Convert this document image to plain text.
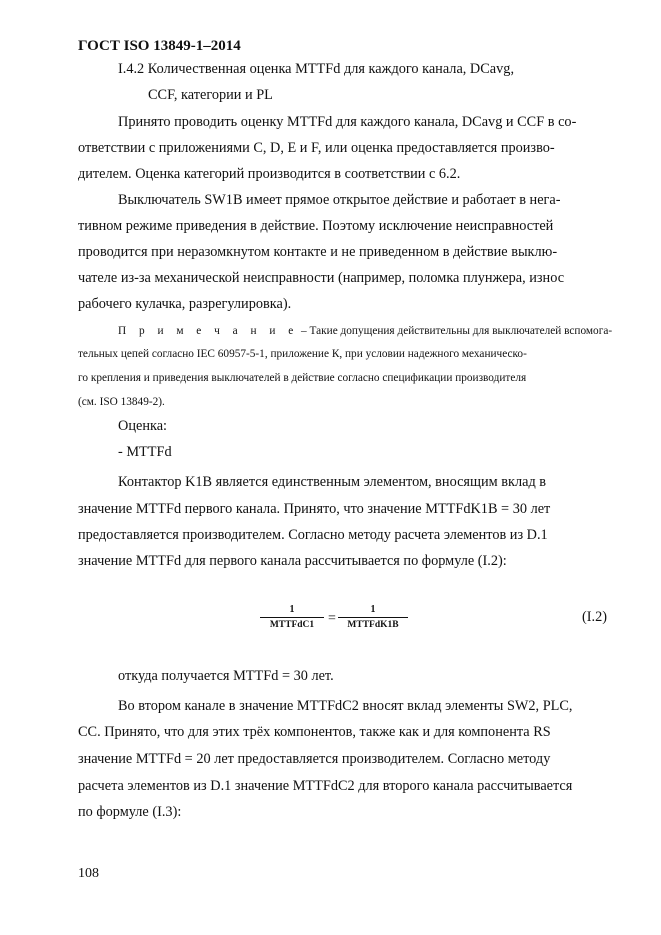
ГОСТ ISO 13849-1–2014
I.4.2 Количественная оценка MTTFd для каждого канала, DCavg,
CCF, категории и PL
Принято проводить оценку MTTFd для каждого канала, DCavg и CCF в со-
ответствии с приложениями С, D, Е и F, или оценка предоставляется произво-
дителем. Оценка категорий производится в соответствии с 6.2.
Выключатель SW1B имеет прямое открытое действие и работает в нега-
тивном режиме приведения в действие. Поэтому исключение неисправностей
проводится при неразомкнутом контакте и не приведенном в действие выклю-
чателе из-за механической неисправности (например, поломка плунжера, износ
рабочего кулачка, разрегулировка).
П р и м е ч а н и е – Такие допущения действительны для выключателей вспомога-
тельных цепей согласно IEC 60957-5-1, приложение К, при условии надежного механическо-
го крепления и приведения выключателей в действие согласно спецификации производителя
(см. ISO 13849-2).
Оценка:
- MTTFd
Контактор K1B является единственным элементом, вносящим вклад в
значение MTTFd первого канала. Принято, что значение MTTFdK1B = 30 лет
предоставляется производителем. Согласно методу расчета элементов из D.1
значение MTTFd для первого канала рассчитывается по формуле (I.2):
1
MTTFdC1 =
1
MTTFdK1B	(I.2)
откуда получается MTTFd = 30 лет.
Во втором канале в значение MTTFdC2 вносят вклад элементы SW2, PLC,
CC. Принято, что для этих трёх компонентов, также как и для компонента RS
значение MTTFd = 20 лет предоставляется производителем. Согласно методу
расчета элементов из D.1 значение MTTFdC2 для второго канала рассчитывается
по формуле (I.3):
108
